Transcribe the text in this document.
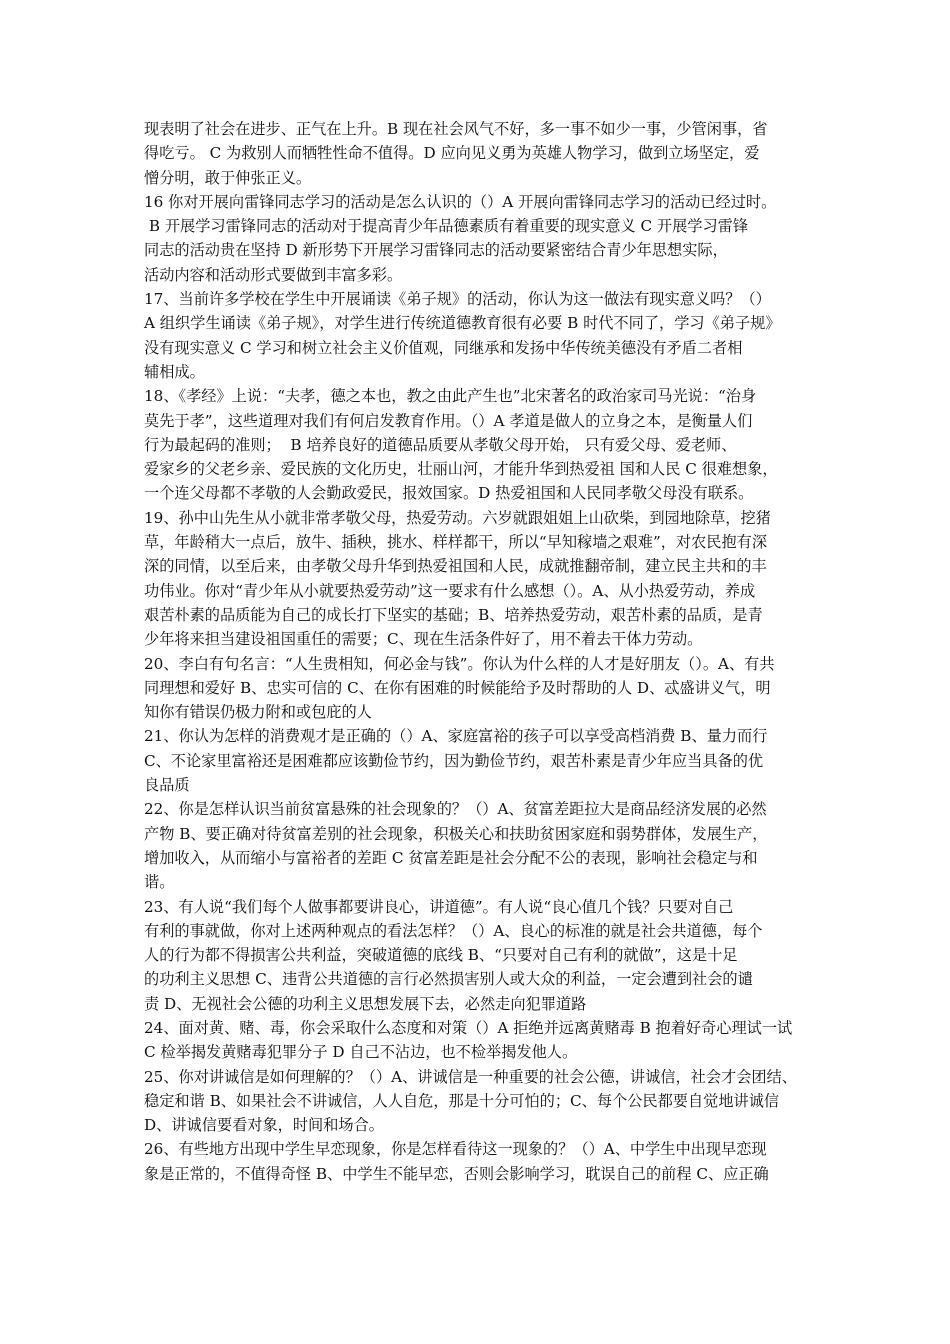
现表明了社会在进步、正气在上升。B 现在社会风气不好，多一事不如少一事，少管闲事，省
得吃亏。 C 为救别人而牺牲性命不值得。D 应向见义勇为英雄人物学习，做到立场坚定，爱
憎分明，敢于伸张正义。
16 你对开展向雷锋同志学习的活动是怎么认识的（）A 开展向雷锋同志学习的活动已经过时。
B 开展学习雷锋同志的活动对于提高青少年品德素质有着重要的现实意义 C 开展学习雷锋
同志的活动贵在坚持 D 新形势下开展学习雷锋同志的活动要紧密结合青少年思想实际，
活动内容和活动形式要做到丰富多彩。
17、当前许多学校在学生中开展诵读《弟子规》的活动，你认为这一做法有现实意义吗？（）
A 组织学生诵读《弟子规》，对学生进行传统道德教育很有必要 B 时代不同了，学习《弟子规》
没有现实意义 C 学习和树立社会主义价值观，同继承和发扬中华传统美德没有矛盾二者相
辅相成。
18、《孝经》上说：“夫孝，德之本也，教之由此产生也”北宋著名的政治家司马光说：“治身
莫先于孝”，这些道理对我们有何启发教育作用。（）A 孝道是做人的立身之本，是衡量人们
行为最起码的准则；  B 培养良好的道德品质要从孝敬父母开始， 只有爱父母、爱老师、
爱家乡的父老乡亲、爱民族的文化历史，壮丽山河，才能升华到热爱祖 国和人民 C 很难想象，
一个连父母都不孝敬的人会勤政爱民，报效国家。D 热爱祖国和人民同孝敬父母没有联系。
19、孙中山先生从小就非常孝敬父母，热爱劳动。六岁就跟姐姐上山砍柴，到园地除草，挖猪
草，年龄稍大一点后，放牛、插秧，挑水、样样都干，所以“早知稼墙之艰难”，对农民抱有深
深的同情，以至后来，由孝敬父母升华到热爱祖国和人民，成就推翻帝制，建立民主共和的丰
功伟业。你对“青少年从小就要热爱劳动”这一要求有什么感想（）。A、从小热爱劳动，养成
艰苦朴素的品质能为自己的成长打下坚实的基础；B、培养热爱劳动，艰苦朴素的品质，是青
少年将来担当建设祖国重任的需要；C、现在生活条件好了，用不着去干体力劳动。
20、李白有句名言：“人生贵相知，何必金与钱”。你认为什么样的人才是好朋友（）。A、有共
同理想和爱好 B、忠实可信的 C、在你有困难的时候能给予及时帮助的人 D、忒盛讲义气，明
知你有错误仍极力附和或包庇的人
21、你认为怎样的消费观才是正确的（）A、家庭富裕的孩子可以享受高档消费 B、量力而行
C、不论家里富裕还是困难都应该勤俭节约，因为勤俭节约，艰苦朴素是青少年应当具备的优
良品质
22、你是怎样认识当前贫富悬殊的社会现象的？（）A、贫富差距拉大是商品经济发展的必然
产物 B、要正确对待贫富差别的社会现象，积极关心和扶助贫困家庭和弱势群体，发展生产，
增加收入，从而缩小与富裕者的差距 C 贫富差距是社会分配不公的表现，影响社会稳定与和
谐。
23、有人说“我们每个人做事都要讲良心，讲道德”。有人说“良心值几个钱？只要对自己
有利的事就做，你对上述两种观点的看法怎样？（）A、良心的标准的就是社会共道德，每个
人的行为都不得损害公共利益，突破道德的底线 B、“只要对自己有利的就做”，这是十足
的功利主义思想 C、违背公共道德的言行必然损害别人或大众的利益，一定会遭到社会的谴
责 D、无视社会公德的功利主义思想发展下去，必然走向犯罪道路
24、面对黄、赌、毒，你会采取什么态度和对策（）A 拒绝并远离黄赌毒 B 抱着好奇心理试一试
C 检举揭发黄赌毒犯罪分子 D 自己不沾边，也不检举揭发他人。
25、你对讲诚信是如何理解的？（）A、讲诚信是一种重要的社会公德，讲诚信，社会才会团结、
稳定和谐 B、如果社会不讲诚信，人人自危，那是十分可怕的；C、每个公民都要自觉地讲诚信
D、讲诚信要看对象，时间和场合。
26、有些地方出现中学生早恋现象，你是怎样看待这一现象的？（）A、中学生中出现早恋现
象是正常的，不值得奇怪 B、中学生不能早恋，否则会影响学习，耽误自己的前程 C、应正确
